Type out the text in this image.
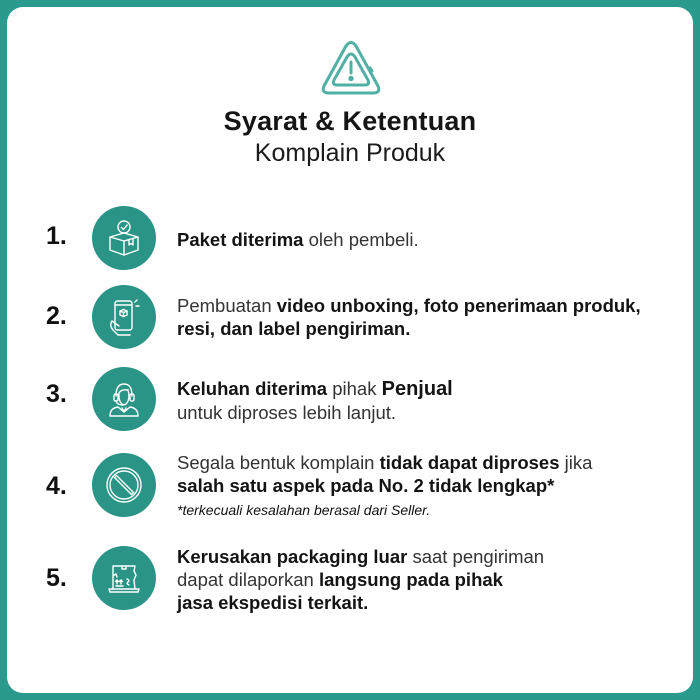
Syarat & Ketentuan
Komplain Produk
1.	Paket diterima oleh pembeli.
2.	Pembuatan video unboxing, foto penerimaan produk, resi, dan label pengiriman.
3.	Keluhan diterima pihak Penjual
untuk diproses lebih lanjut.
4.
Segala bentuk komplain tidak dapat diproses jika
salah satu aspek pada No. 2 tidak lengkap*
*terkecuali kesalahan berasal dari Seller.
5.
Kerusakan packaging luar saat pengiriman
dapat dilaporkan langsung pada pihak
jasa ekspedisi terkait.
